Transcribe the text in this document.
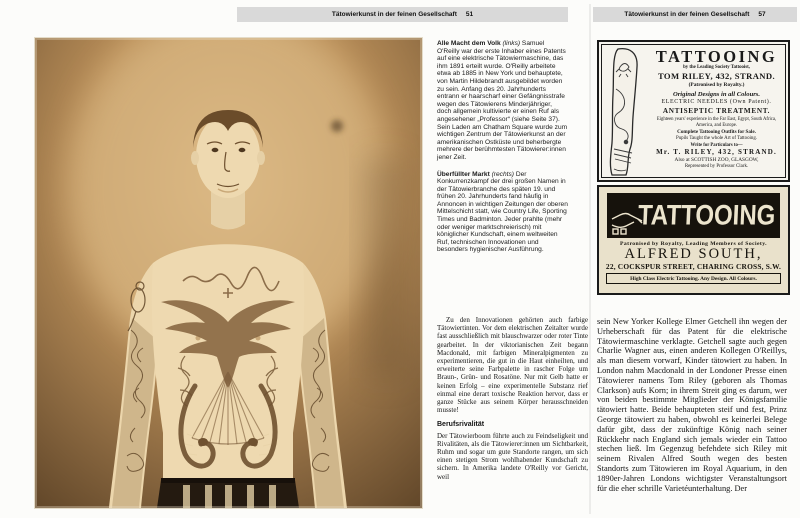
Tätowierkunst in der feinen Gesellschaft 51	Tätowierkunst in der feinen Gesellschaft 57
Alle Macht dem Volk (links) Samuel O'Reilly war der erste Inhaber eines Patents auf eine elektrische Tätowiermaschine, das ihm 1891 erteilt wurde. O'Reilly arbeitete etwa ab 1885 in New York und behauptete, von Martin Hildebrandt ausgebildet worden zu sein. Anfang des 20. Jahrhunderts entrann er haarscharf einer Gefängnisstrafe wegen des Tätowierens Minderjähriger, doch allgemein kultivierte er einen Ruf als angesehener „Professor“ (siehe Seite 37). Sein Laden am Chatham Square wurde zum wichtigen Zentrum der Tätowierkunst an der amerikanischen Ostküste und beherbergte mehrere der berühmtesten Tätowierer:innen jener Zeit.
Überfüllter Markt (rechts) Der Konkurrenzkampf der drei großen Namen in der Tätowierbranche des späten 19. und frühen 20. Jahrhunderts fand häufig in Annoncen in wichtigen Zeitungen der oberen Mittelschicht statt, wie Country Life, Sporting Times und Badminton. Jeder prahlte (mehr oder weniger marktschreierisch) mit königlicher Kundschaft, einem weltweiten Ruf, technischen Innovationen und besonders hygienischer Ausführung.
Zu den Innovationen gehörten auch farbige Tätowiertinten. Vor dem elektrischen Zeitalter wurde fast ausschließlich mit blauschwarzer oder roter Tinte gearbeitet. In der viktorianischen Zeit begann Macdonald, mit farbigen Mineralpigmenten zu experimentieren, die gut in die Haut einheilten, und erweiterte seine Farbpalette in rascher Folge um Braun-, Grün- und Rosatöne. Nur mit Gelb hatte er keinen Erfolg – eine experimentelle Substanz rief einmal eine derart toxische Reaktion hervor, dass er ganze Stücke aus seinem Körper herausschneiden musste!
Berufsrivalität
Der Tätowierboom führte auch zu Feindseligkeit und Rivalitäten, als die Tätowierer:innen um Sichtbarkeit, Ruhm und sogar um gute Standorte rangen, um sich einen stetigen Strom wohlhabender Kundschaft zu sichern. In Amerika landete O'Reilly vor Gericht, weil
TATTOOING
by the Leading Society Tattooist,
TOM RILEY, 432, STRAND.
(Patronised by Royalty.)
Original Designs in all Colours.
ELECTRIC NEEDLES (Own Patent).
ANTISEPTIC TREATMENT.
Eighteen years' experience in the Far East, Egypt, South Africa, America, and Europe.
Complete Tattooing Outfits for Sale.
Pupils Taught the whole Art of Tattooing.
Write for Particulars to—
Mr. T. RILEY, 432, STRAND.
Also at SCOTTISH ZOO, GLASGOW,
Represented by Professor Clark.
TATTOOING
Patronised by Royalty, Leading Members of Society.
ALFRED SOUTH,
22, COCKSPUR STREET, CHARING CROSS, S.W.
High Class Electric Tattooing. Any Design. All Colours.
sein New Yorker Kollege Elmer Getchell ihn wegen der Urheberschaft für das Patent für die elektrische Tätowiermaschine verklagte. Getchell sagte auch gegen Charlie Wagner aus, einen anderen Kollegen O'Reillys, als man diesem vorwarf, Kinder tätowiert zu haben. In London nahm Macdonald in der Londoner Presse einen Tätowierer namens Tom Riley (geboren als Thomas Clarkson) aufs Korn; in ihrem Streit ging es darum, wer von beiden bestimmte Mitglieder der Königsfamilie tätowiert hatte. Beide behaupteten steif und fest, Prinz George tätowiert zu haben, obwohl es keinerlei Belege dafür gibt, dass der zukünftige König nach seiner Rückkehr nach England sich jemals wieder ein Tattoo stechen ließ. Im Gegenzug befehdete sich Riley mit seinem Rivalen Alfred South wegen des besten Standorts zum Tätowieren im Royal Aquarium, in den 1890er-Jahren Londons wichtigster Veranstaltungsort für die eher schrille Varietéunterhaltung. Der
